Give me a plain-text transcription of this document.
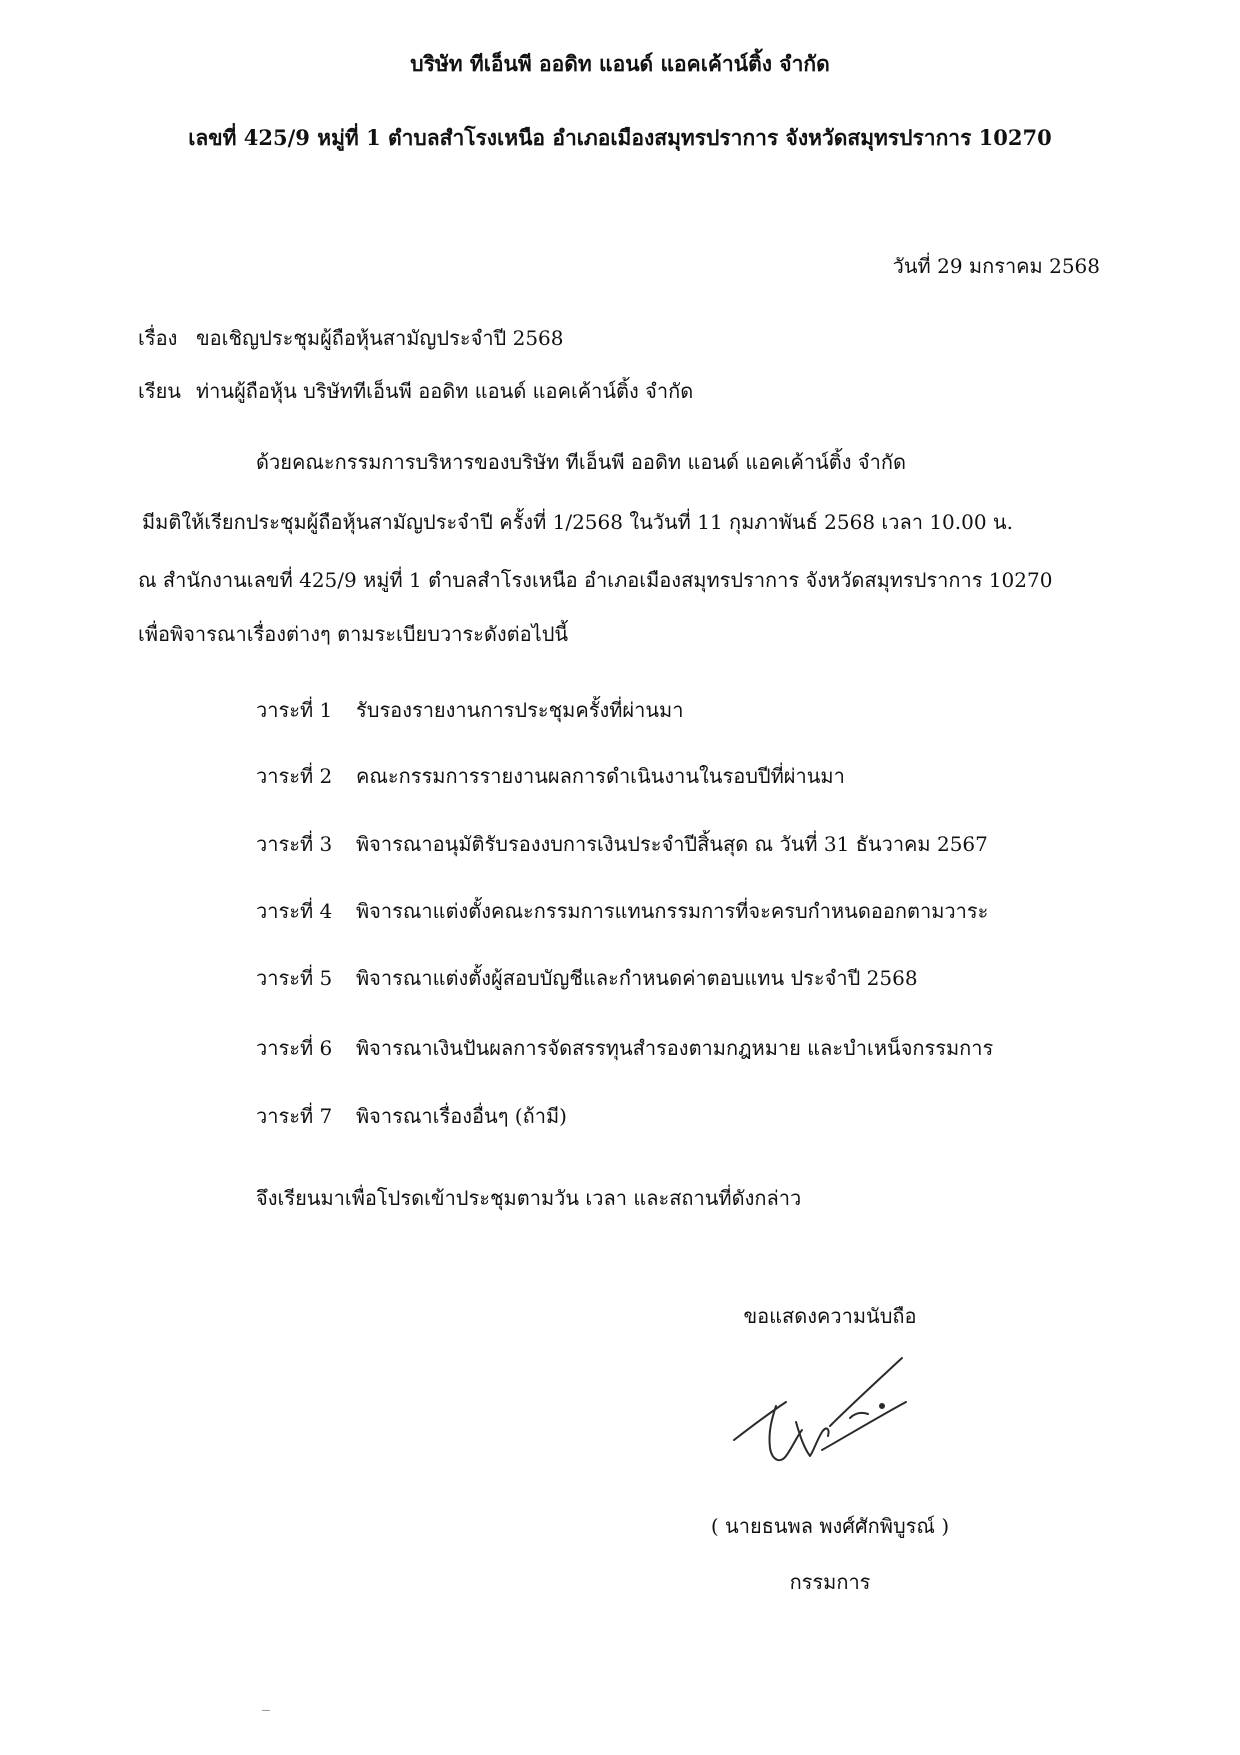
บริษัท ทีเอ็นพี ออดิท แอนด์ แอคเค้าน์ติ้ง จำกัด
เลขที่ 425/9 หมู่ที่ 1 ตำบลสำโรงเหนือ อำเภอเมืองสมุทรปราการ จังหวัดสมุทรปราการ 10270
วันที่ 29 มกราคม 2568
เรื่อง ขอเชิญประชุมผู้ถือหุ้นสามัญประจำปี 2568
เรียน ท่านผู้ถือหุ้น บริษัททีเอ็นพี ออดิท แอนด์ แอคเค้าน์ติ้ง จำกัด
ด้วยคณะกรรมการบริหารของบริษัท ทีเอ็นพี ออดิท แอนด์ แอคเค้าน์ติ้ง จำกัด
มีมติให้เรียกประชุมผู้ถือหุ้นสามัญประจำปี ครั้งที่ 1/2568 ในวันที่ 11 กุมภาพันธ์ 2568 เวลา 10.00 น.
ณ สำนักงานเลขที่ 425/9 หมู่ที่ 1 ตำบลสำโรงเหนือ อำเภอเมืองสมุทรปราการ จังหวัดสมุทรปราการ 10270
เพื่อพิจารณาเรื่องต่างๆ ตามระเบียบวาระดังต่อไปนี้
วาระที่ 1 รับรองรายงานการประชุมครั้งที่ผ่านมา
วาระที่ 2 คณะกรรมการรายงานผลการดำเนินงานในรอบปีที่ผ่านมา
วาระที่ 3 พิจารณาอนุมัติรับรองงบการเงินประจำปีสิ้นสุด ณ วันที่ 31 ธันวาคม 2567
วาระที่ 4 พิจารณาแต่งตั้งคณะกรรมการแทนกรรมการที่จะครบกำหนดออกตามวาระ
วาระที่ 5 พิจารณาแต่งตั้งผู้สอบบัญชีและกำหนดค่าตอบแทน ประจำปี 2568
วาระที่ 6 พิจารณาเงินปันผลการจัดสรรทุนสำรองตามกฎหมาย และบำเหน็จกรรมการ
วาระที่ 7 พิจารณาเรื่องอื่นๆ (ถ้ามี)
จึงเรียนมาเพื่อโปรดเข้าประชุมตามวัน เวลา และสถานที่ดังกล่าว
ขอแสดงความนับถือ
( นายธนพล พงศ์ศักพิบูรณ์ )
กรรมการ
